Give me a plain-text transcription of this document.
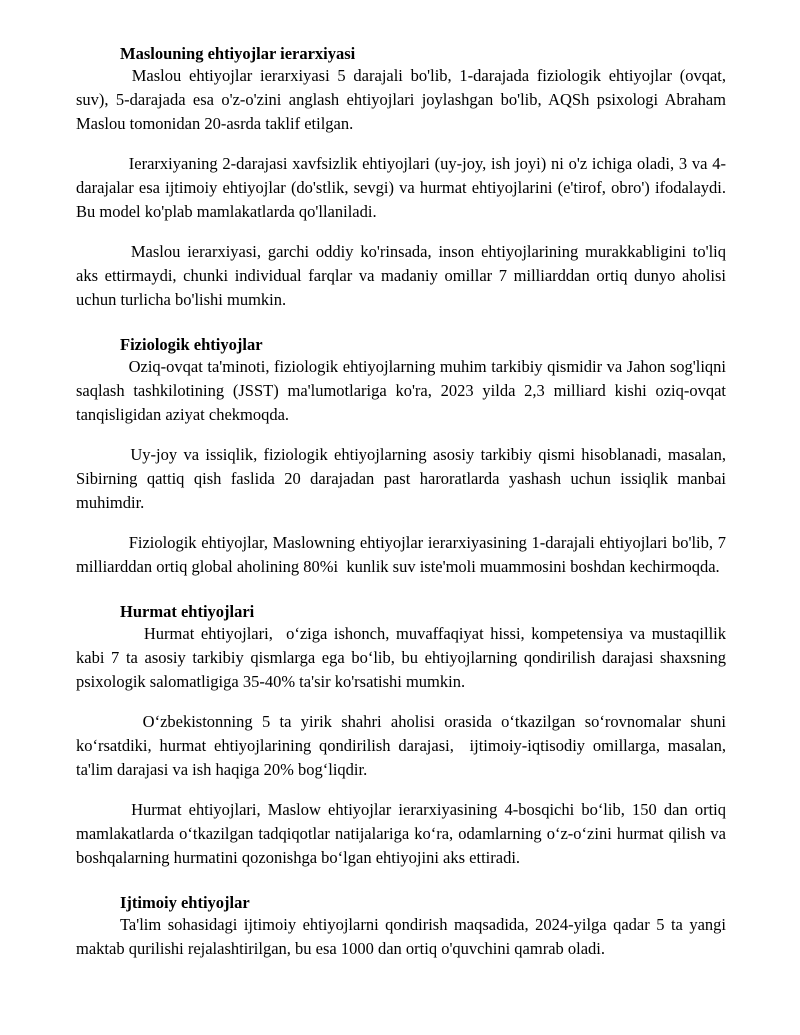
Maslouning ehtiyojlar ierarxiyasi

Maslou ehtiyojlar ierarxiyasi 5 darajali bo'lib, 1-darajada fiziologik ehtiyojlar (ovqat, suv), 5-darajada esa o'z-o'zini anglash ehtiyojlari joylashgan bo'lib, AQSh psixologi Abraham Maslou tomonidan 20-asrda taklif etilgan.

Ierarxiyaning 2-darajasi xavfsizlik ehtiyojlari (uy-joy, ish joyi) ni o'z ichiga oladi, 3 va 4-darajalar esa ijtimoiy ehtiyojlar (do'stlik, sevgi) va hurmat ehtiyojlarini (e'tirof, obro') ifodalaydi.  Bu model ko'plab mamlakatlarda qo'llaniladi.

Maslou ierarxiyasi, garchi oddiy ko'rinsada, inson ehtiyojlarining murakkabligini to'liq aks ettirmaydi, chunki individual farqlar va madaniy omillar 7 milliarddan ortiq dunyo aholisi uchun turlicha bo'lishi mumkin.

Fiziologik ehtiyojlar

Oziq-ovqat ta'minoti, fiziologik ehtiyojlarning muhim tarkibiy qismidir va Jahon sog'liqni saqlash tashkilotining (JSST) ma'lumotlariga ko'ra, 2023 yilda 2,3 milliard kishi oziq-ovqat tanqisligidan aziyat chekmoqda.

Uy-joy va issiqlik, fiziologik ehtiyojlarning asosiy tarkibiy qismi hisoblanadi, masalan, Sibirning qattiq qish faslida 20 darajadan past haroratlarda yashash uchun issiqlik manbai muhimdir.

Fiziologik ehtiyojlar, Maslowning ehtiyojlar ierarxiyasining 1-darajali ehtiyojlari bo'lib, 7 milliarddan ortiq global aholining 80%i  kunlik suv iste'moli muammosini boshdan kechirmoqda.

Hurmat ehtiyojlari

Hurmat ehtiyojlari,  o‘ziga ishonch, muvaffaqiyat hissi, kompetensiya va mustaqillik kabi 7 ta asosiy tarkibiy qismlarga ega bo‘lib, bu ehtiyojlarning qondirilish darajasi shaxsning psixologik salomatligiga 35-40% ta'sir ko'rsatishi mumkin.

O‘zbekistonning 5 ta yirik shahri aholisi orasida o‘tkazilgan so‘rovnomalar shuni ko‘rsatdiki, hurmat ehtiyojlarining qondirilish darajasi,  ijtimoiy-iqtisodiy omillarga, masalan, ta'lim darajasi va ish haqiga 20% bog‘liqdir.

Hurmat ehtiyojlari, Maslow ehtiyojlar ierarxiyasining 4-bosqichi bo‘lib, 150 dan ortiq mamlakatlarda o‘tkazilgan tadqiqotlar natijalariga ko‘ra, odamlarning o‘z-o‘zini hurmat qilish va boshqalarning hurmatini qozonishga bo‘lgan ehtiyojini aks ettiradi.

Ijtimoiy ehtiyojlar

Ta'lim sohasidagi ijtimoiy ehtiyojlarni qondirish maqsadida, 2024-yilga qadar 5 ta yangi maktab qurilishi rejalashtirilgan, bu esa 1000 dan ortiq o'quvchini qamrab oladi.
